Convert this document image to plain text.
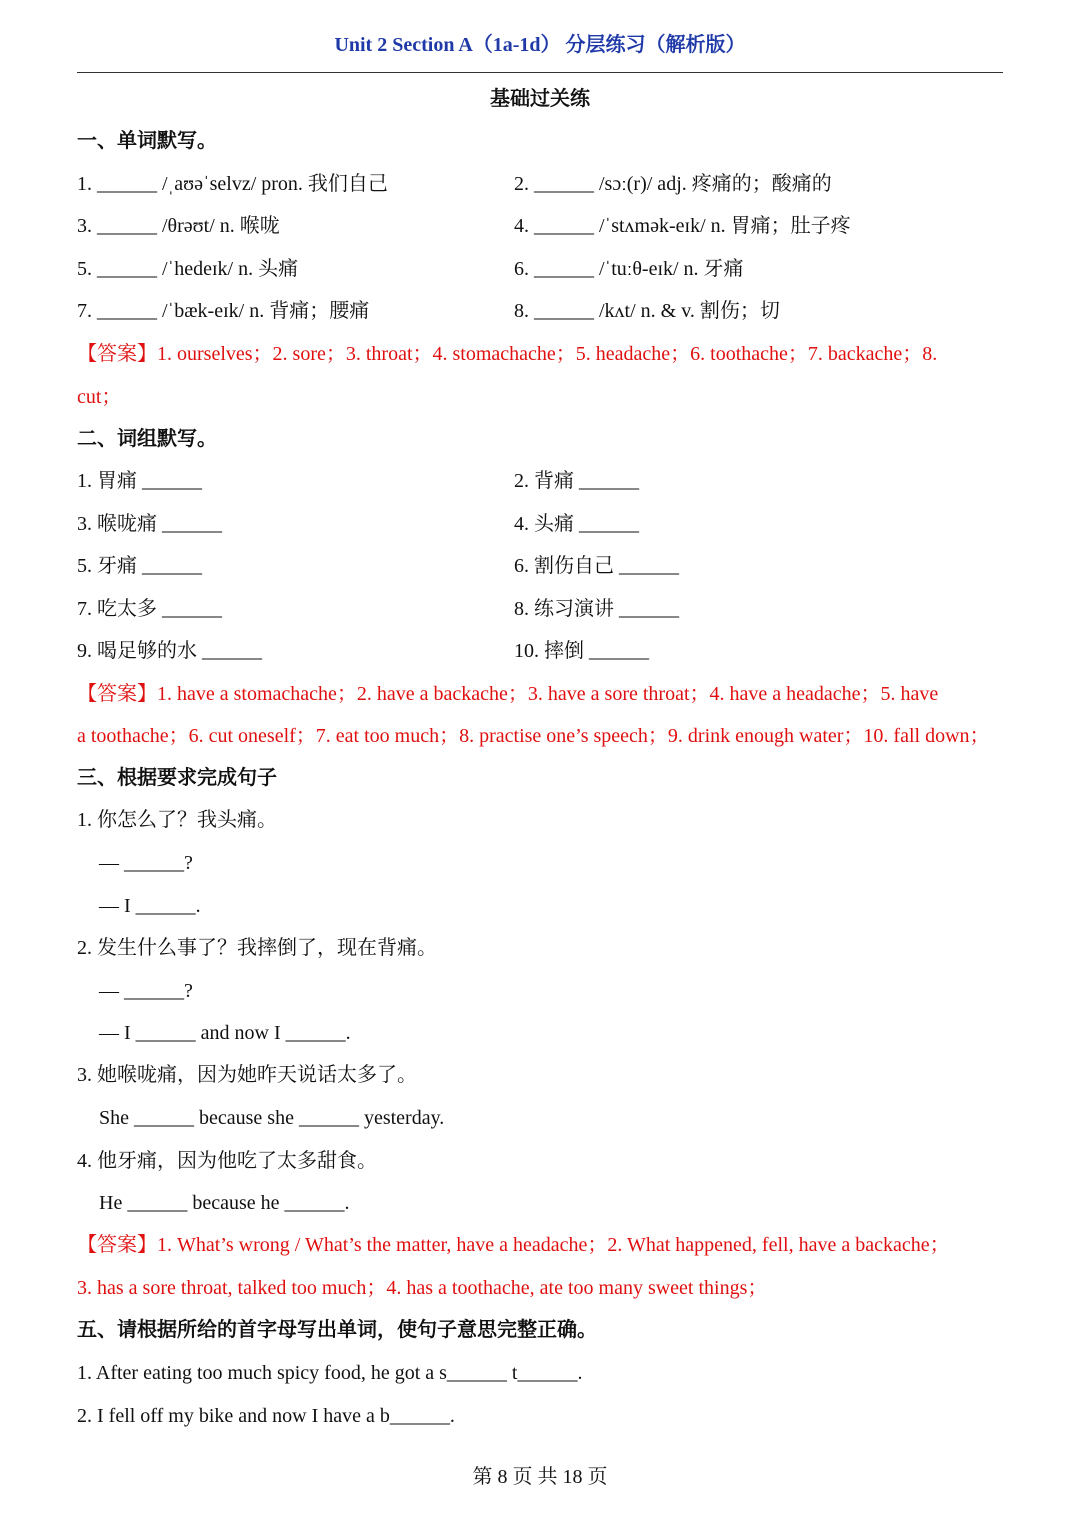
Unit 2 Section A（1a-1d） 分层练习（解析版）
基础过关练
一、单词默写。
1. ______ /ˌaʊəˈselvz/ pron. 我们自己	2. ______ /sɔː(r)/ adj. 疼痛的；酸痛的
3. ______ /θrəʊt/ n. 喉咙	4. ______ /ˈstʌmək-eɪk/ n. 胃痛；肚子疼
5. ______ /ˈhedeɪk/ n. 头痛	6. ______ /ˈtuːθ-eɪk/ n. 牙痛
7. ______ /ˈbæk-eɪk/ n. 背痛；腰痛	8. ______ /kʌt/ n. & v. 割伤；切
【答案】1. ourselves；2. sore；3. throat；4. stomachache；5. headache；6. toothache；7. backache；8.
cut；
二、词组默写。
1. 胃痛 ______	2. 背痛 ______
3. 喉咙痛 ______	4. 头痛 ______
5. 牙痛 ______	6. 割伤自己 ______
7. 吃太多 ______	8. 练习演讲 ______
9. 喝足够的水 ______	10. 摔倒 ______
【答案】1. have a stomachache；2. have a backache；3. have a sore throat；4. have a headache；5. have
a toothache；6. cut oneself；7. eat too much；8. practise one’s speech；9. drink enough water；10. fall down；
三、根据要求完成句子
1. 你怎么了？我头痛。
— ______?
— I ______.
2. 发生什么事了？我摔倒了，现在背痛。
— ______?
— I ______ and now I ______.
3. 她喉咙痛，因为她昨天说话太多了。
She ______ because she ______ yesterday.
4. 他牙痛，因为他吃了太多甜食。
He ______ because he ______.
【答案】1. What’s wrong / What’s the matter, have a headache；2. What happened, fell, have a backache；
3. has a sore throat, talked too much；4. has a toothache, ate too many sweet things；
五、请根据所给的首字母写出单词，使句子意思完整正确。
1. After eating too much spicy food, he got a s______ t______.
2. I fell off my bike and now I have a b______.
第 8 页 共 18 页
